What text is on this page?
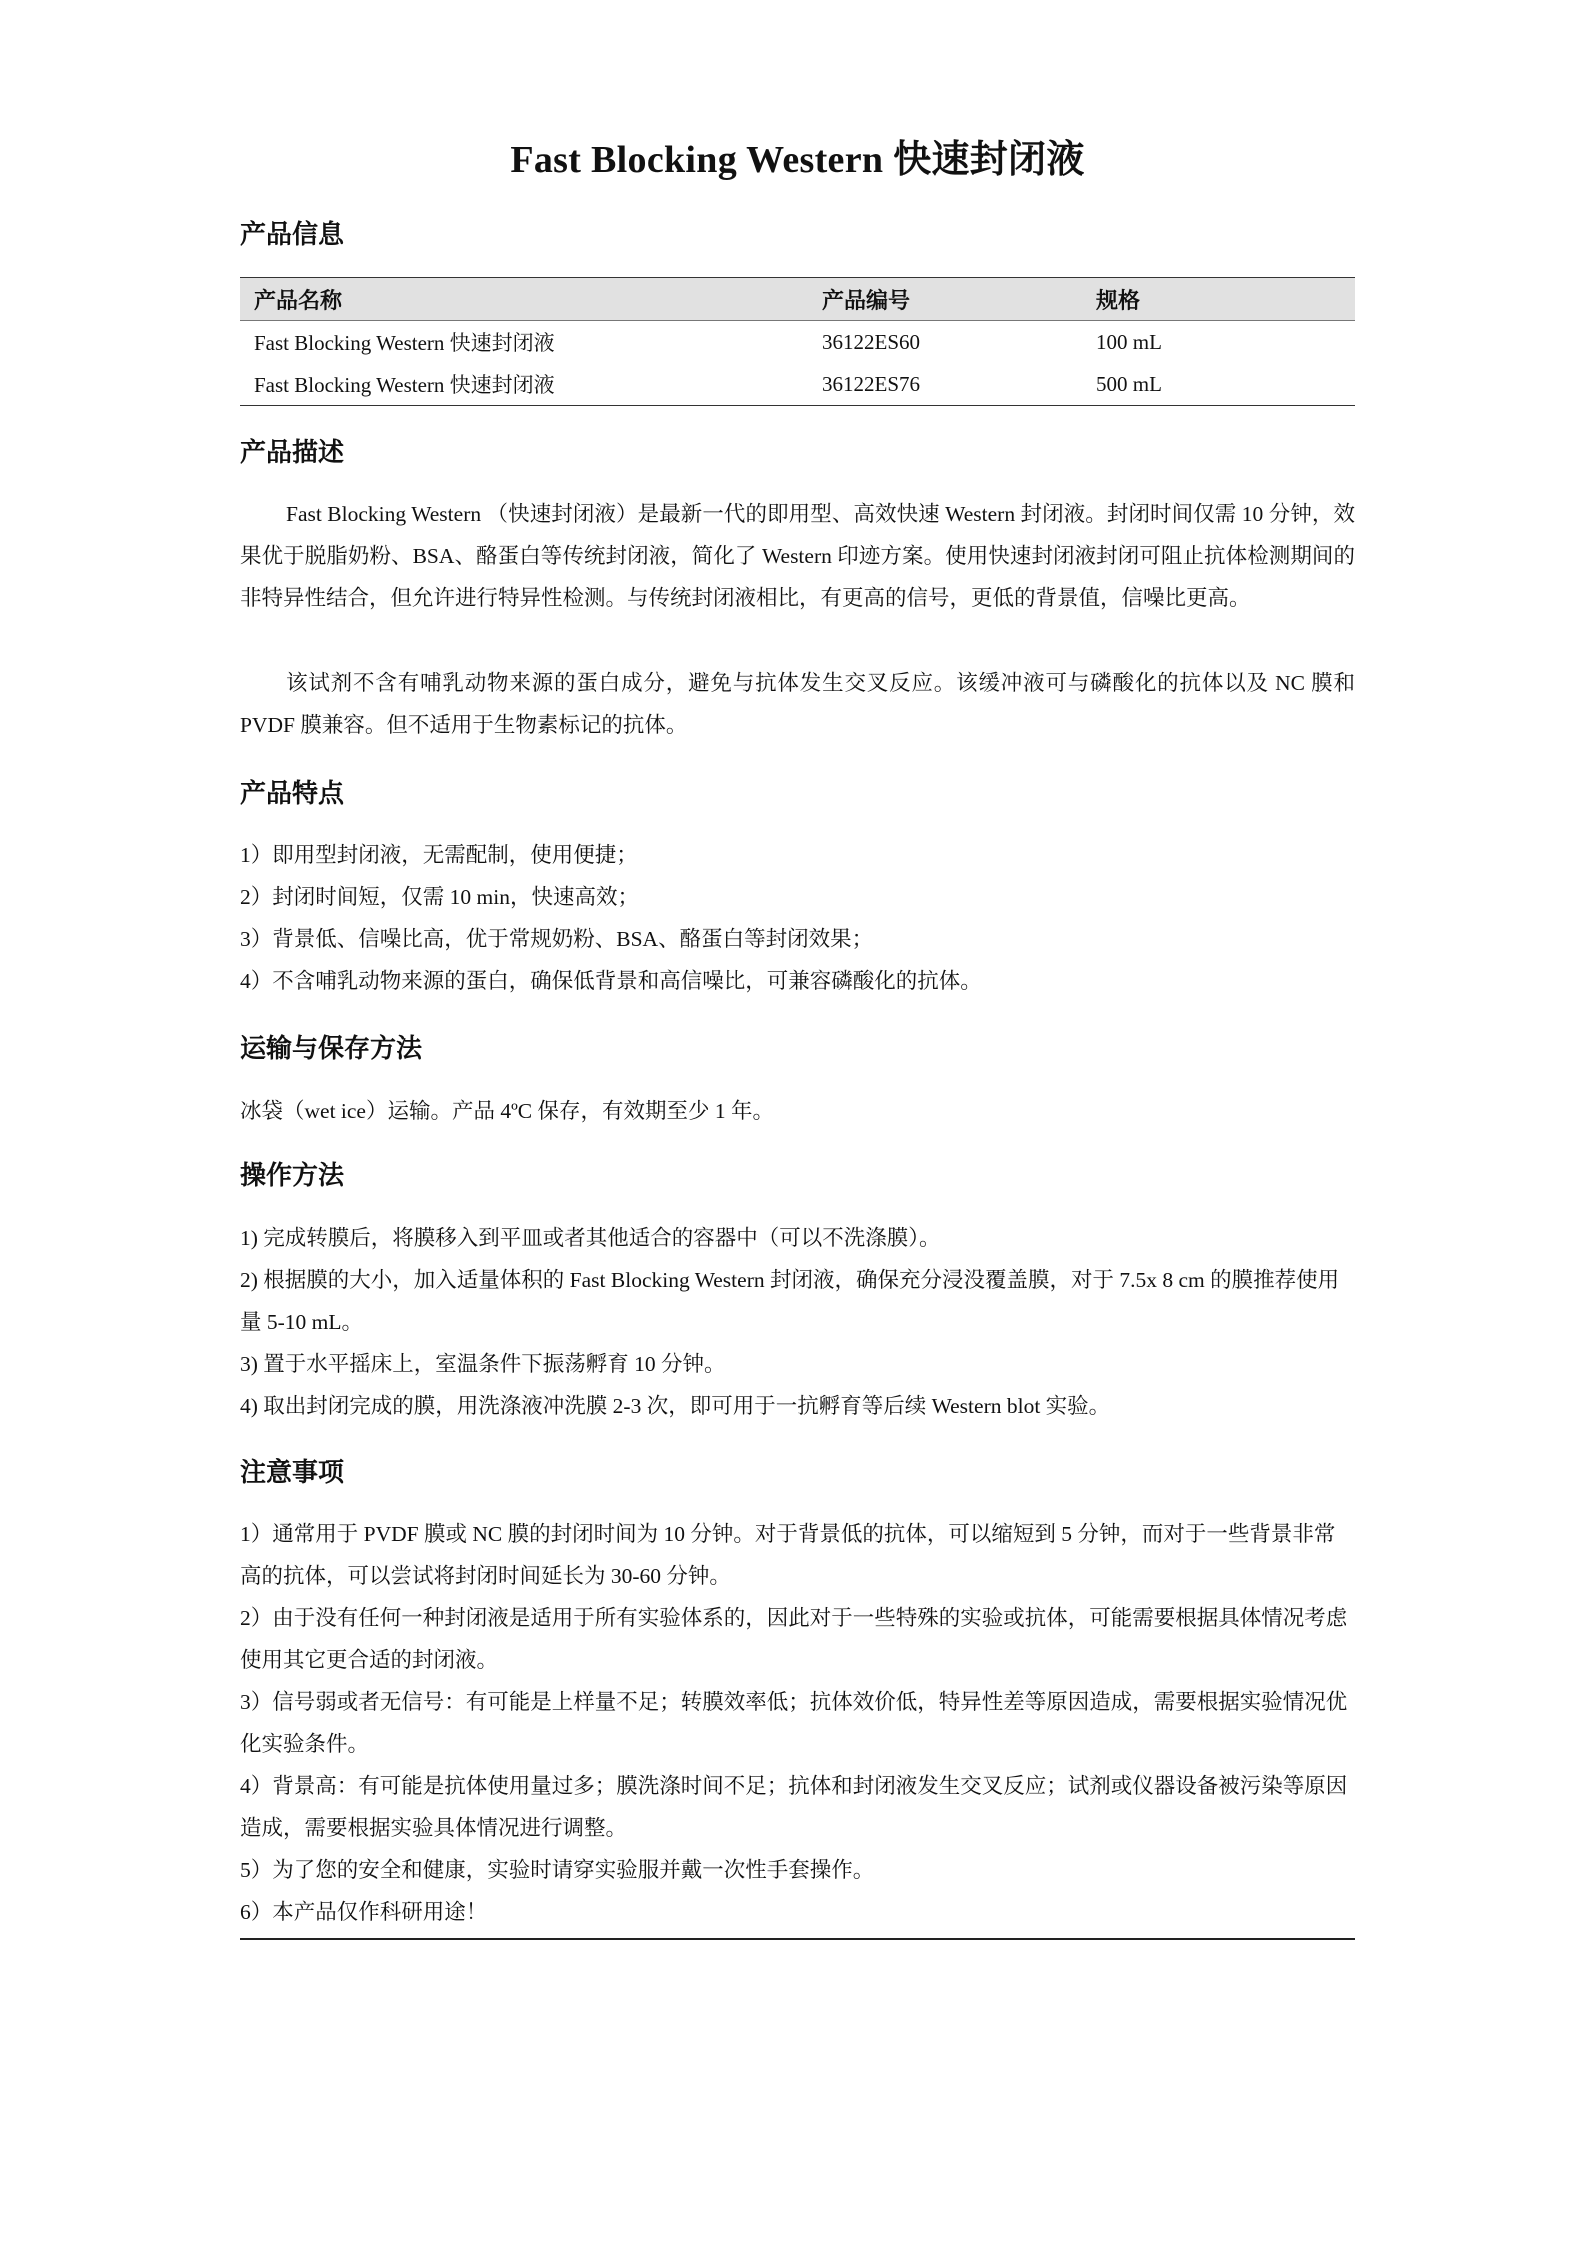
Fast Blocking Western 快速封闭液
产品信息
产品名称	产品编号	规格
Fast Blocking Western 快速封闭液	36122ES60	100 mL
Fast Blocking Western 快速封闭液	36122ES76	500 mL
产品描述

Fast Blocking Western （快速封闭液）是最新一代的即用型、高效快速 Western 封闭液。封闭时间仅需 10 分钟，效果优于脱脂奶粉、BSA、酪蛋白等传统封闭液，简化了 Western 印迹方案。使用快速封闭液封闭可阻止抗体检测期间的非特异性结合，但允许进行特异性检测。与传统封闭液相比，有更高的信号，更低的背景值，信噪比更高。

该试剂不含有哺乳动物来源的蛋白成分，避免与抗体发生交叉反应。该缓冲液可与磷酸化的抗体以及 NC 膜和 PVDF 膜兼容。但不适用于生物素标记的抗体。

产品特点
1）即用型封闭液，无需配制，使用便捷；
2）封闭时间短，仅需 10 min，快速高效；
3）背景低、信噪比高，优于常规奶粉、BSA、酪蛋白等封闭效果；
4）不含哺乳动物来源的蛋白，确保低背景和高信噪比，可兼容磷酸化的抗体。
运输与保存方法

冰袋（wet ice）运输。产品 4ºC 保存，有效期至少 1 年。

操作方法
1) 完成转膜后，将膜移入到平皿或者其他适合的容器中（可以不洗涤膜）。
2) 根据膜的大小，加入适量体积的 Fast Blocking Western 封闭液，确保充分浸没覆盖膜，对于 7.5x 8 cm 的膜推荐使用量 5-10 mL。
3) 置于水平摇床上，室温条件下振荡孵育 10 分钟。
4) 取出封闭完成的膜，用洗涤液冲洗膜 2-3 次，即可用于一抗孵育等后续 Western blot 实验。
注意事项
1）通常用于 PVDF 膜或 NC 膜的封闭时间为 10 分钟。对于背景低的抗体，可以缩短到 5 分钟，而对于一些背景非常高的抗体，可以尝试将封闭时间延长为 30-60 分钟。
2）由于没有任何一种封闭液是适用于所有实验体系的，因此对于一些特殊的实验或抗体，可能需要根据具体情况考虑使用其它更合适的封闭液。
3）信号弱或者无信号：有可能是上样量不足；转膜效率低；抗体效价低，特异性差等原因造成，需要根据实验情况优化实验条件。
4）背景高：有可能是抗体使用量过多；膜洗涤时间不足；抗体和封闭液发生交叉反应；试剂或仪器设备被污染等原因造成，需要根据实验具体情况进行调整。
5）为了您的安全和健康，实验时请穿实验服并戴一次性手套操作。
6）本产品仅作科研用途！
